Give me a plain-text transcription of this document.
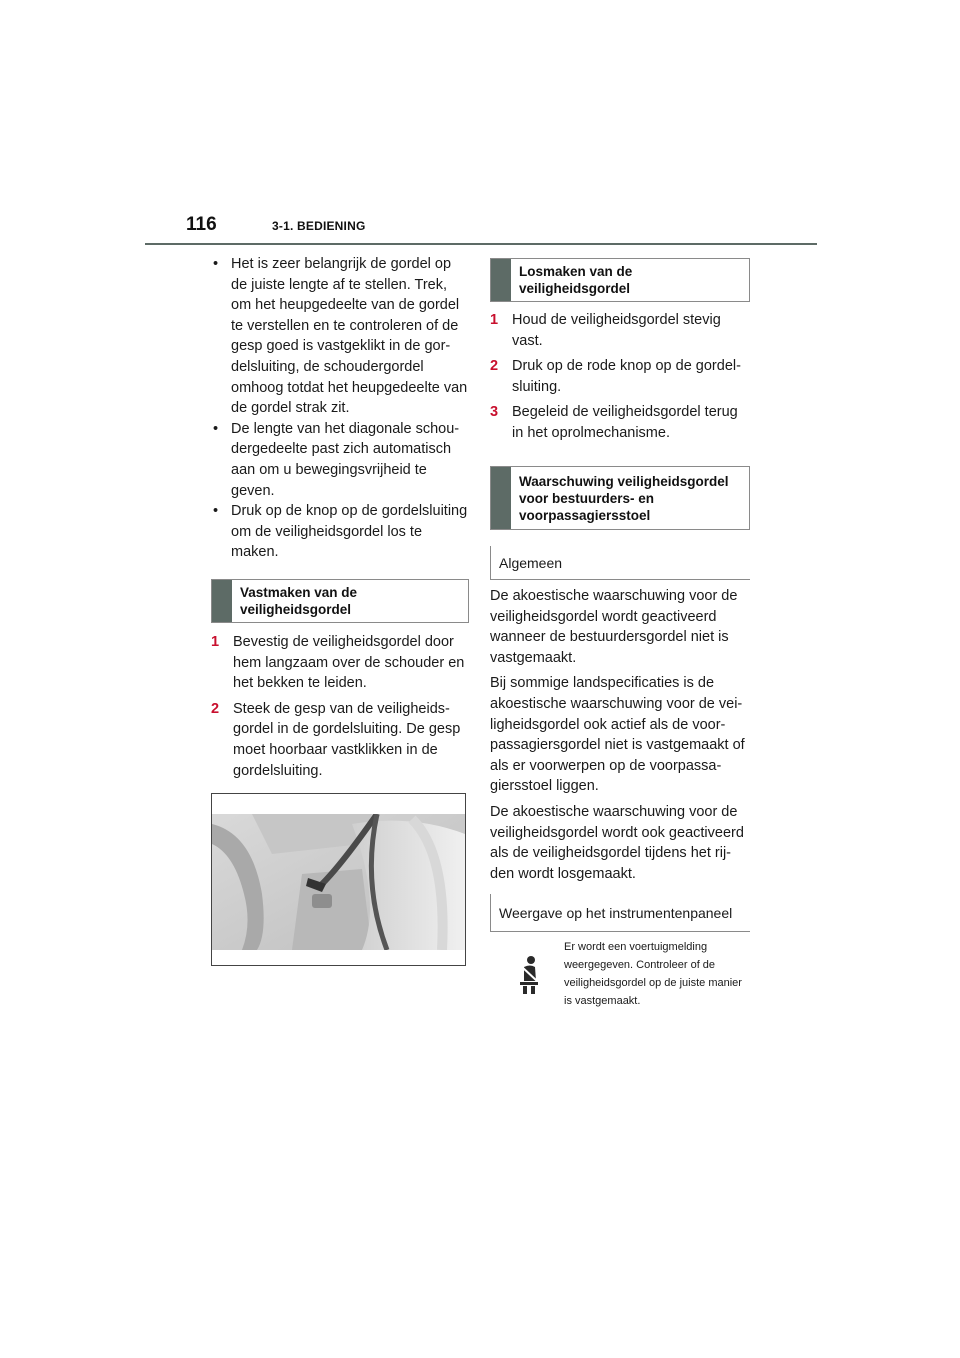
116	3-1. BEDIENING
• Het is zeer belangrijk de gordel op de juiste lengte af te stellen. Trek, om het heupgedeelte van de gordel te verstellen en te controleren of de gesp goed is vastgeklikt in de gor-delsluiting, de schoudergordel omhoog totdat het heupgedeelte van de gordel strak zit.
• De lengte van het diagonale schou-dergedeelte past zich automatisch aan om u bewegingsvrijheid te geven.
• Druk op de knop op de gordelsluiting om de veiligheidsgordel los te maken.
Vastmaken van de
veiligheidsgordel
1 Bevestig de veiligheidsgordel door hem langzaam over de schouder en het bekken te leiden.
2 Steek de gesp van de veiligheids-gordel in de gordelsluiting. De gesp moet hoorbaar vastklikken in de gordelsluiting.
Losmaken van de
veiligheidsgordel
1 Houd de veiligheidsgordel stevig vast.
2 Druk op de rode knop op de gordel-sluiting.
3 Begeleid de veiligheidsgordel terug in het oprolmechanisme.
Waarschuwing veiligheidsgordel
voor bestuurders- en
voorpassagiersstoel
Algemeen

De akoestische waarschuwing voor de veiligheidsgordel wordt geactiveerd wanneer de bestuurdersgordel niet is vastgemaakt.

Bij sommige landspecificaties is de akoestische waarschuwing voor de vei-ligheidsgordel ook actief als de voor-passagiersgordel niet is vastgemaakt of als er voorwerpen op de voorpassa-giersstoel liggen.

De akoestische waarschuwing voor de veiligheidsgordel wordt ook geactiveerd als de veiligheidsgordel tijdens het rij-den wordt losgemaakt.

Weergave op het instrumentenpaneel
Er wordt een voertuigmelding weergegeven. Controleer of de veiligheidsgordel op de juiste manier is vastgemaakt.
